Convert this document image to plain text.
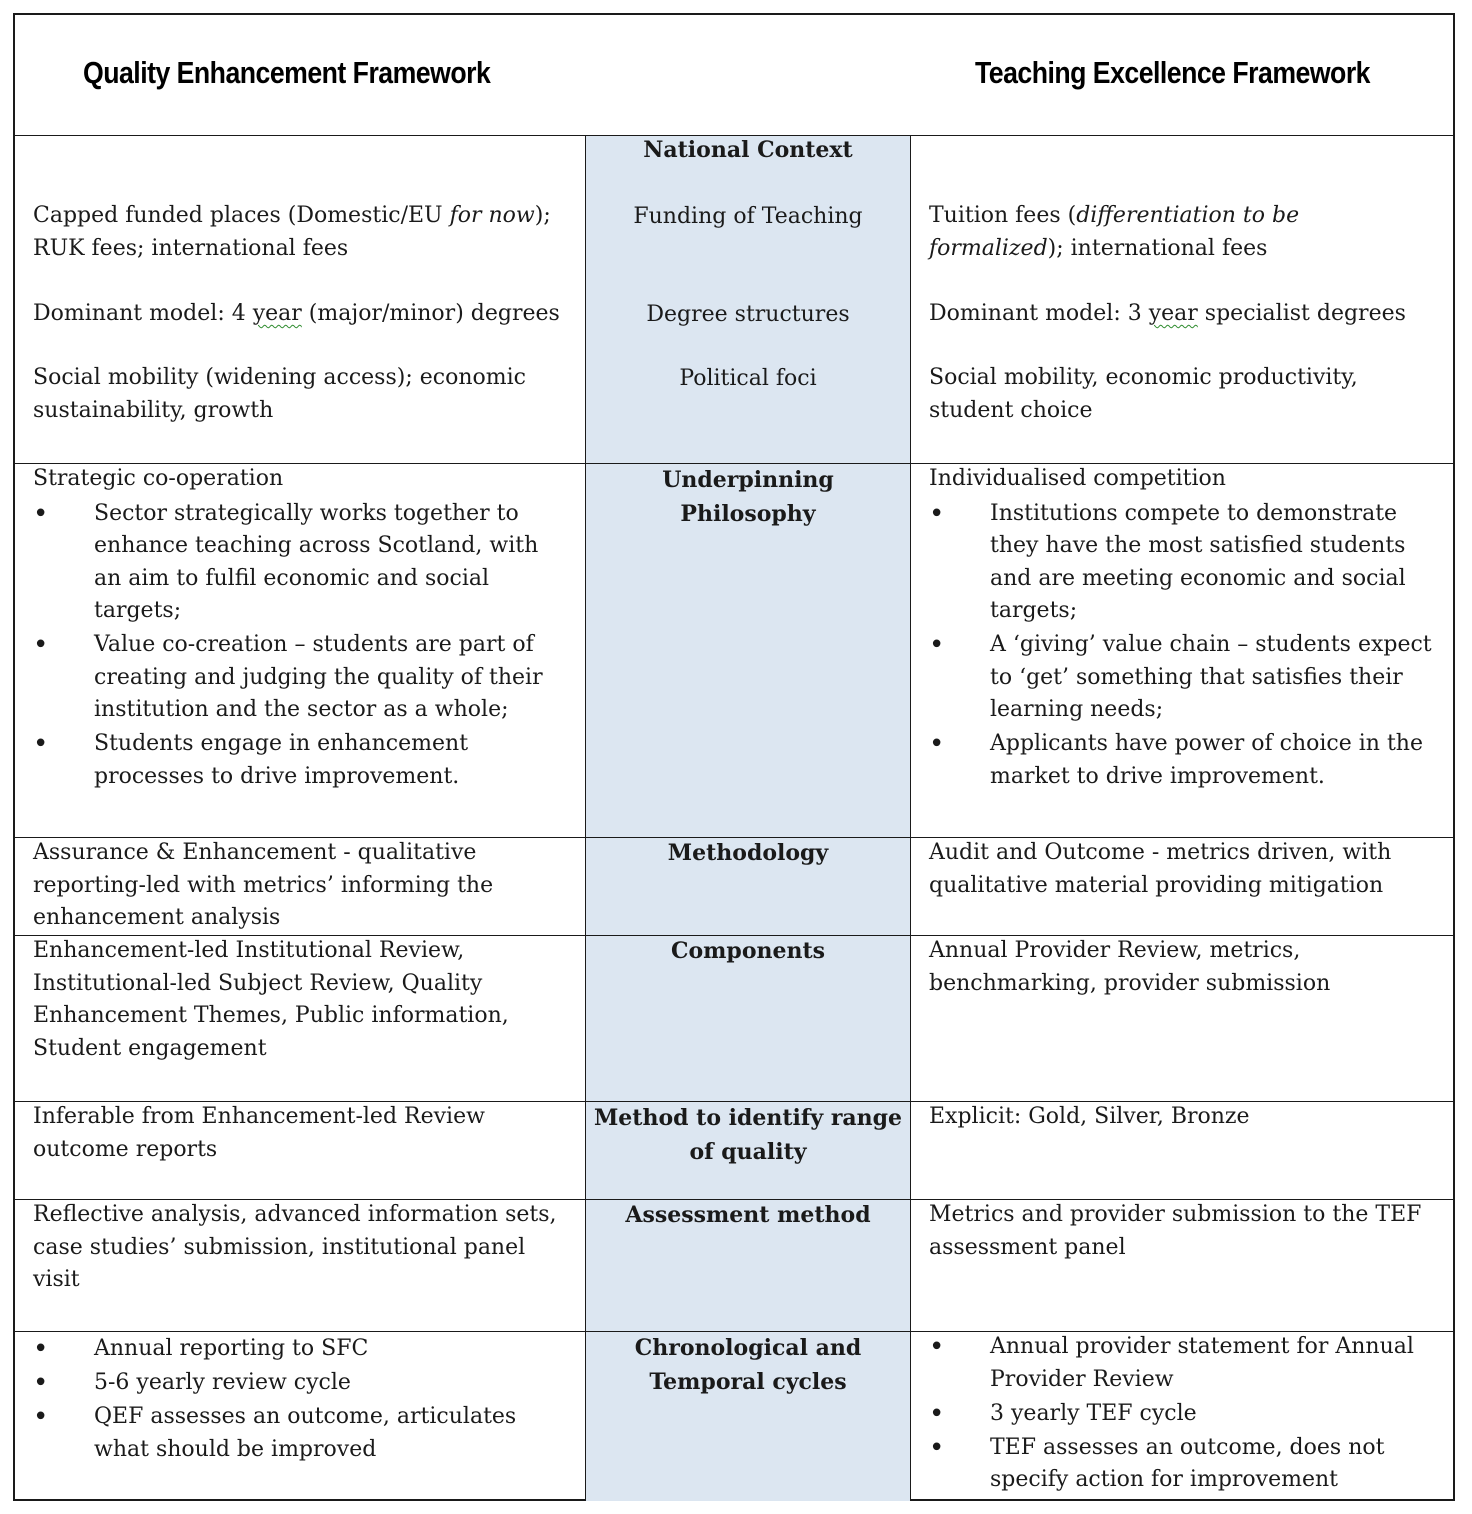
Quality Enhancement Framework	Teaching Excellence Framework
National Context
Funding of Teaching
Capped funded places (Domestic/EU for now);
RUK fees; international fees
Tuition fees (differentiation to be
formalized); international fees
Degree structures
Dominant model: 4 year (major/minor) degrees	Dominant model: 3 year specialist degrees
Political foci
Social mobility (widening access); economic
sustainability, growth
Social mobility, economic productivity,
student choice
Underpinning
Philosophy
Strategic co-operation
• Sector strategically works together to enhance teaching across Scotland, with an aim to fulfil economic and social targets;
• Value co-creation – students are part of creating and judging the quality of their institution and the sector as a whole;
• Students engage in enhancement processes to drive improvement.
Individualised competition
• Institutions compete to demonstrate they have the most satisfied students and are meeting economic and social targets;
• A ‘giving’ value chain – students expect to ‘get’ something that satisfies their learning needs;
• Applicants have power of choice in the market to drive improvement.
Methodology
Assurance & Enhancement - qualitative reporting-led with metrics’ informing the enhancement analysis
Audit and Outcome - metrics driven, with qualitative material providing mitigation
Components
Enhancement-led Institutional Review, Institutional-led Subject Review, Quality Enhancement Themes, Public information, Student engagement
Annual Provider Review, metrics, benchmarking, provider submission
Method to identify range
of quality
Inferable from Enhancement-led Review outcome reports
Explicit: Gold, Silver, Bronze
Assessment method
Reflective analysis, advanced information sets, case studies’ submission, institutional panel visit
Metrics and provider submission to the TEF assessment panel
Chronological and
Temporal cycles
• Annual reporting to SFC
• 5-6 yearly review cycle
• QEF assesses an outcome, articulates what should be improved
• Annual provider statement for Annual Provider Review
• 3 yearly TEF cycle
• TEF assesses an outcome, does not specify action for improvement
